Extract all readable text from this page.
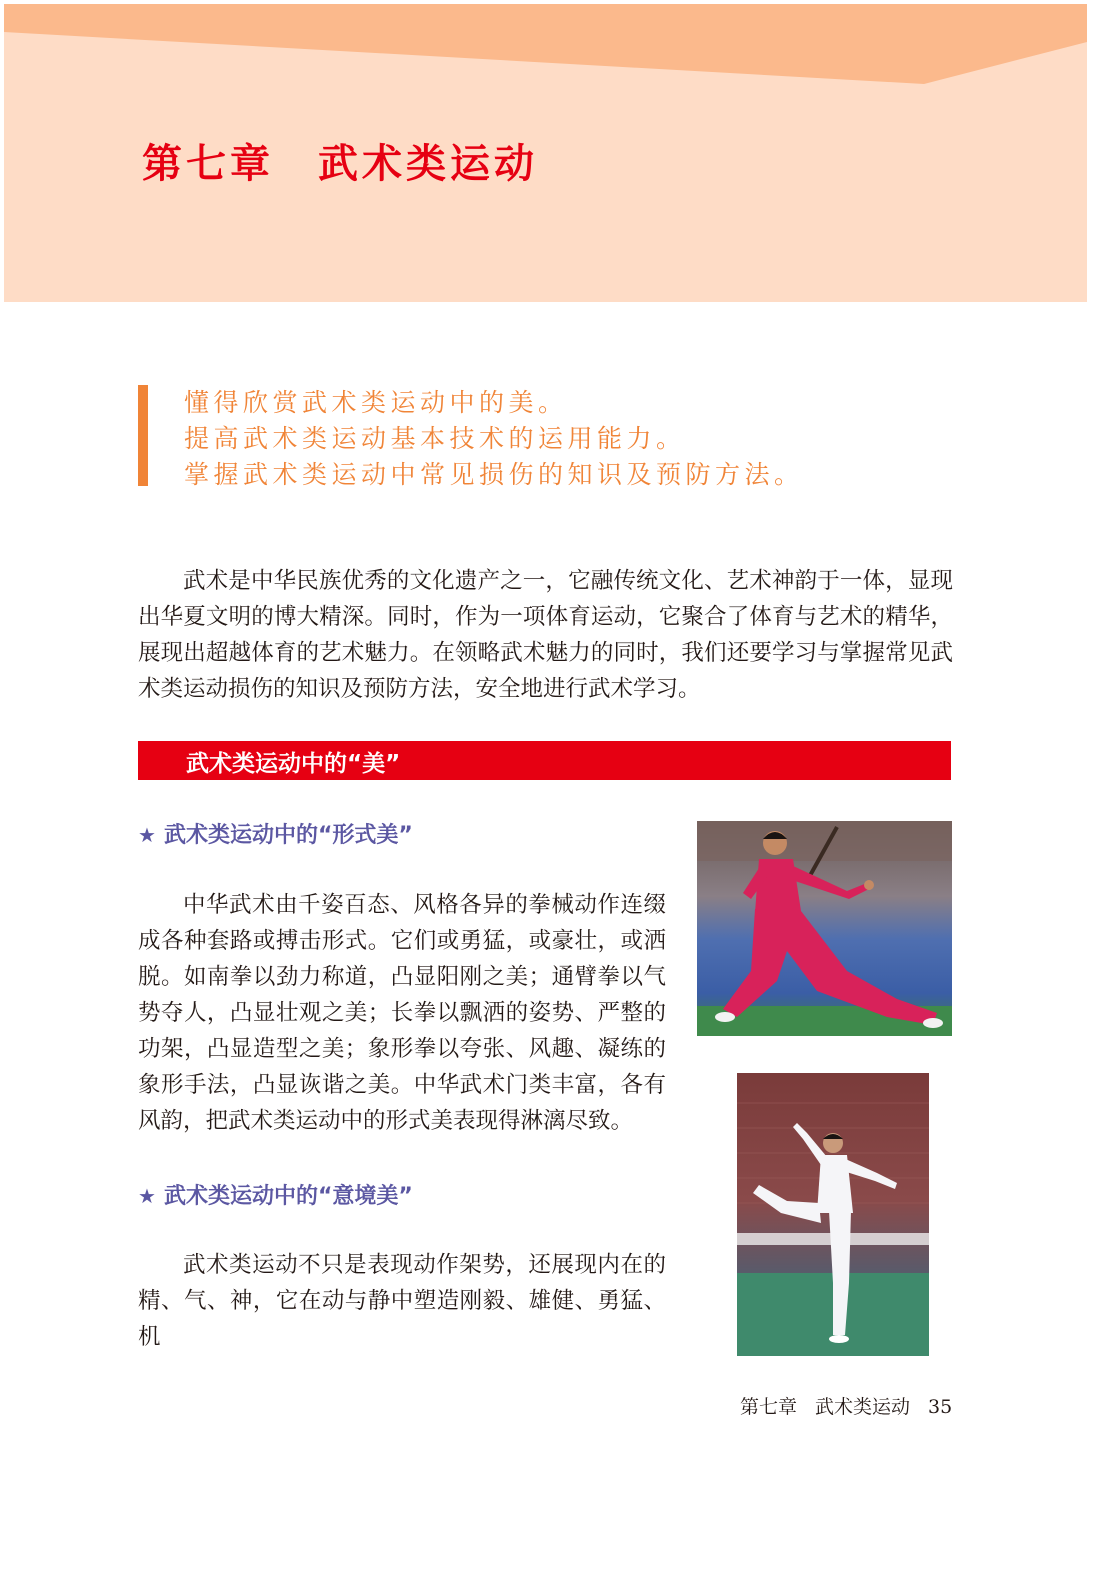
第七章 武术类运动
懂得欣赏武术类运动中的美。
提高武术类运动基本技术的运用能力。
掌握武术类运动中常见损伤的知识及预防方法。

武术是中华民族优秀的文化遗产之一，它融传统文化、艺术神韵于一体，显现出华夏文明的博大精深。同时，作为一项体育运动，它聚合了体育与艺术的精华，展现出超越体育的艺术魅力。在领略武术魅力的同时，我们还要学习与掌握常见武术类运动损伤的知识及预防方法，安全地进行武术学习。

武术类运动中的“美”
★ 武术类运动中的“形式美”

中华武术由千姿百态、风格各异的拳械动作连缀成各种套路或搏击形式。它们或勇猛，或豪壮，或洒脱。如南拳以劲力称道，凸显阳刚之美；通臂拳以气势夺人，凸显壮观之美；长拳以飘洒的姿势、严整的功架，凸显造型之美；象形拳以夸张、风趣、凝练的象形手法，凸显诙谐之美。中华武术门类丰富，各有风韵，把武术类运动中的形式美表现得淋漓尽致。

★ 武术类运动中的“意境美”

武术类运动不只是表现动作架势，还展现内在的精、气、神，它在动与静中塑造刚毅、雄健、勇猛、机

第七章 武术类运动 35
